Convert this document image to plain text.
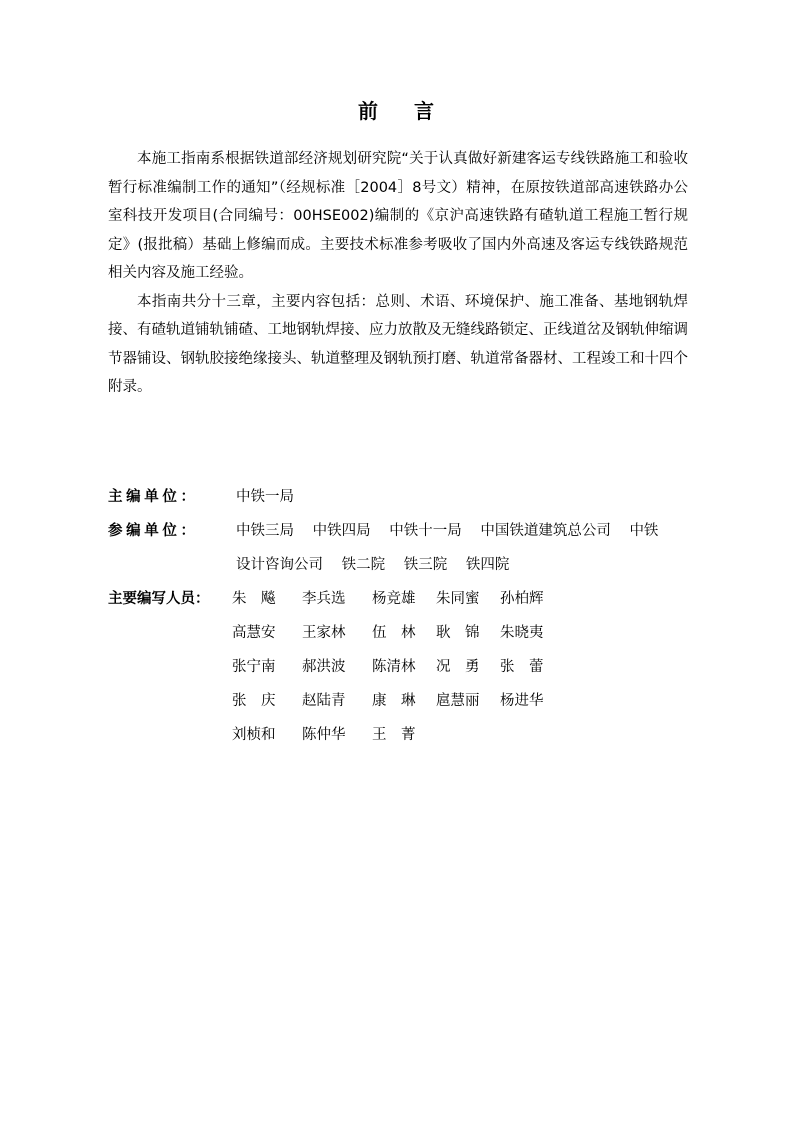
前 言

本施工指南系根据铁道部经济规划研究院“关于认真做好新建客运专线铁路施工和验收暂行标准编制工作的通知”（经规标准［2004］8号文）精神，在原按铁道部高速铁路办公室科技开发项目(合同编号：00HSE002)编制的《京沪高速铁路有碴轨道工程施工暂行规定》(报批稿）基础上修编而成。主要技术标准参考吸收了国内外高速及客运专线铁路规范相关内容及施工经验。

本指南共分十三章，主要内容包括：总则、术语、环境保护、施工准备、基地钢轨焊接、有碴轨道铺轨铺碴、工地钢轨焊接、应力放散及无缝线路锁定、正线道岔及钢轨伸缩调节器铺设、钢轨胶接绝缘接头、轨道整理及钢轨预打磨、轨道常备器材、工程竣工和十四个附录。

主编单位：	中铁一局
参编单位：	中铁三局 中铁四局 中铁十一局 中国铁道建筑总公司 中铁
设计咨询公司 铁二院 铁三院 铁四院
主要编写人员： 朱　飚 李兵选 杨竞雄 朱同蜜 孙柏辉
高慧安 王家林 伍　林 耿　锦 朱晓夷
张宁南 郝洪波 陈清林 况　勇 张　蕾
张　庆 赵陆青 康　琳 扈慧丽 杨进华
刘桢和 陈仲华 王　菁
